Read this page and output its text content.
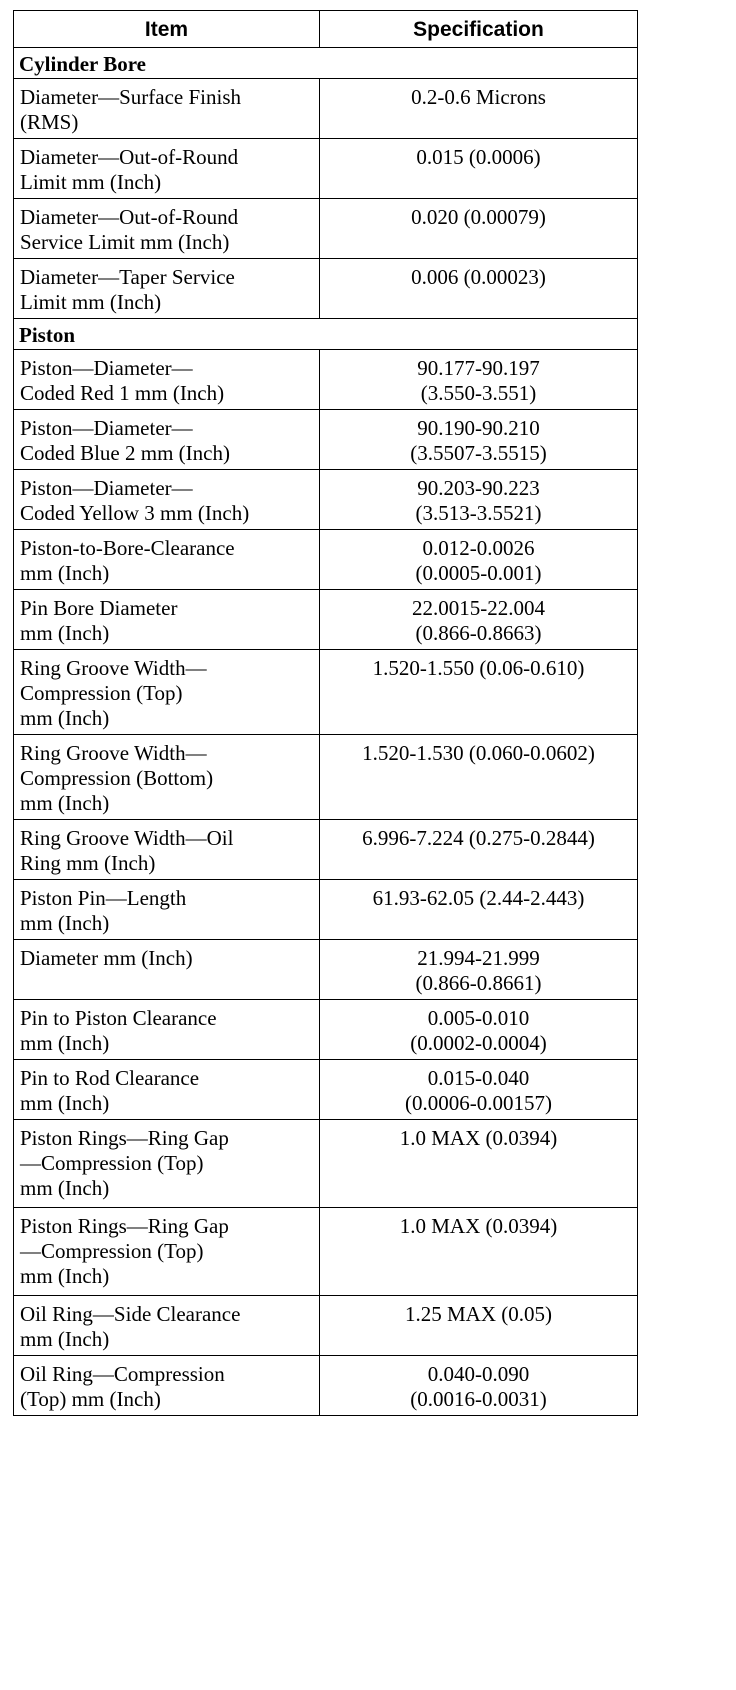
Item	Specification
Cylinder Bore	

Diameter—Surface Finish
(RMS)	0.2-0.6 Microns

Diameter—Out-of-Round
Limit mm (Inch)	0.015 (0.0006)

Diameter—Out-of-Round
Service Limit mm (Inch)	0.020 (0.00079)

Diameter—Taper Service
Limit mm (Inch)	0.006 (0.00023)

Piston	

Piston—Diameter—
Coded Red 1 mm (Inch)	90.177-90.197
(3.550-3.551)

Piston—Diameter—
Coded Blue 2 mm (Inch)	90.190-90.210
(3.5507-3.5515)

Piston—Diameter—
Coded Yellow 3 mm (Inch)	90.203-90.223
(3.513-3.5521)

Piston-to-Bore-Clearance
mm (Inch)	0.012-0.0026
(0.0005-0.001)

Pin Bore Diameter
mm (Inch)	22.0015-22.004
(0.866-0.8663)

Ring Groove Width—
Compression (Top)
mm (Inch)	1.520-1.550 (0.06-0.610)

Ring Groove Width—
Compression (Bottom)
mm (Inch)	1.520-1.530 (0.060-0.0602)

Ring Groove Width—Oil
Ring mm (Inch)	6.996-7.224 (0.275-0.2844)

Piston Pin—Length
mm (Inch)	61.93-62.05 (2.44-2.443)

Diameter mm (Inch)	21.994-21.999
(0.866-0.8661)

Pin to Piston Clearance
mm (Inch)	0.005-0.010
(0.0002-0.0004)

Pin to Rod Clearance
mm (Inch)	0.015-0.040
(0.0006-0.00157)

Piston Rings—Ring Gap
—Compression (Top)
mm (Inch)	1.0 MAX (0.0394)

Piston Rings—Ring Gap
—Compression (Top)
mm (Inch)	1.0 MAX (0.0394)

Oil Ring—Side Clearance
mm (Inch)	1.25 MAX (0.05)

Oil Ring—Compression
(Top) mm (Inch)	0.040-0.090
(0.0016-0.0031)
